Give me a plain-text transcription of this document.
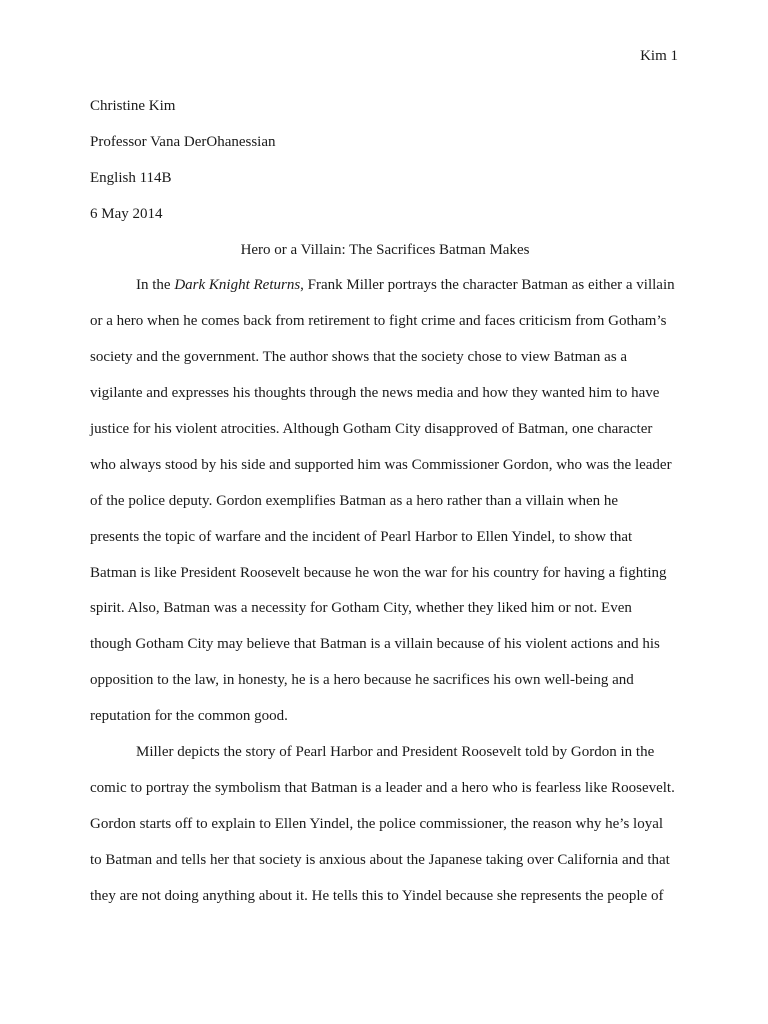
Kim 1
Christine Kim
Professor Vana DerOhanessian
English 114B
6 May 2014
Hero or a Villain: The Sacrifices Batman Makes
In the Dark Knight Returns, Frank Miller portrays the character Batman as either a villain
or a hero when he comes back from retirement to fight crime and faces criticism from Gotham’s
society and the government. The author shows that the society chose to view Batman as a
vigilante and expresses his thoughts through the news media and how they wanted him to have
justice for his violent atrocities. Although Gotham City disapproved of Batman, one character
who always stood by his side and supported him was Commissioner Gordon, who was the leader
of the police deputy. Gordon exemplifies Batman as a hero rather than a villain when he
presents the topic of warfare and the incident of Pearl Harbor to Ellen Yindel, to show that
Batman is like President Roosevelt because he won the war for his country for having a fighting
spirit. Also, Batman was a necessity for Gotham City, whether they liked him or not. Even
though Gotham City may believe that Batman is a villain because of his violent actions and his
opposition to the law, in honesty, he is a hero because he sacrifices his own well-being and
reputation for the common good.
Miller depicts the story of Pearl Harbor and President Roosevelt told by Gordon in the
comic to portray the symbolism that Batman is a leader and a hero who is fearless like Roosevelt.
Gordon starts off to explain to Ellen Yindel, the police commissioner, the reason why he’s loyal
to Batman and tells her that society is anxious about the Japanese taking over California and that
they are not doing anything about it. He tells this to Yindel because she represents the people of
